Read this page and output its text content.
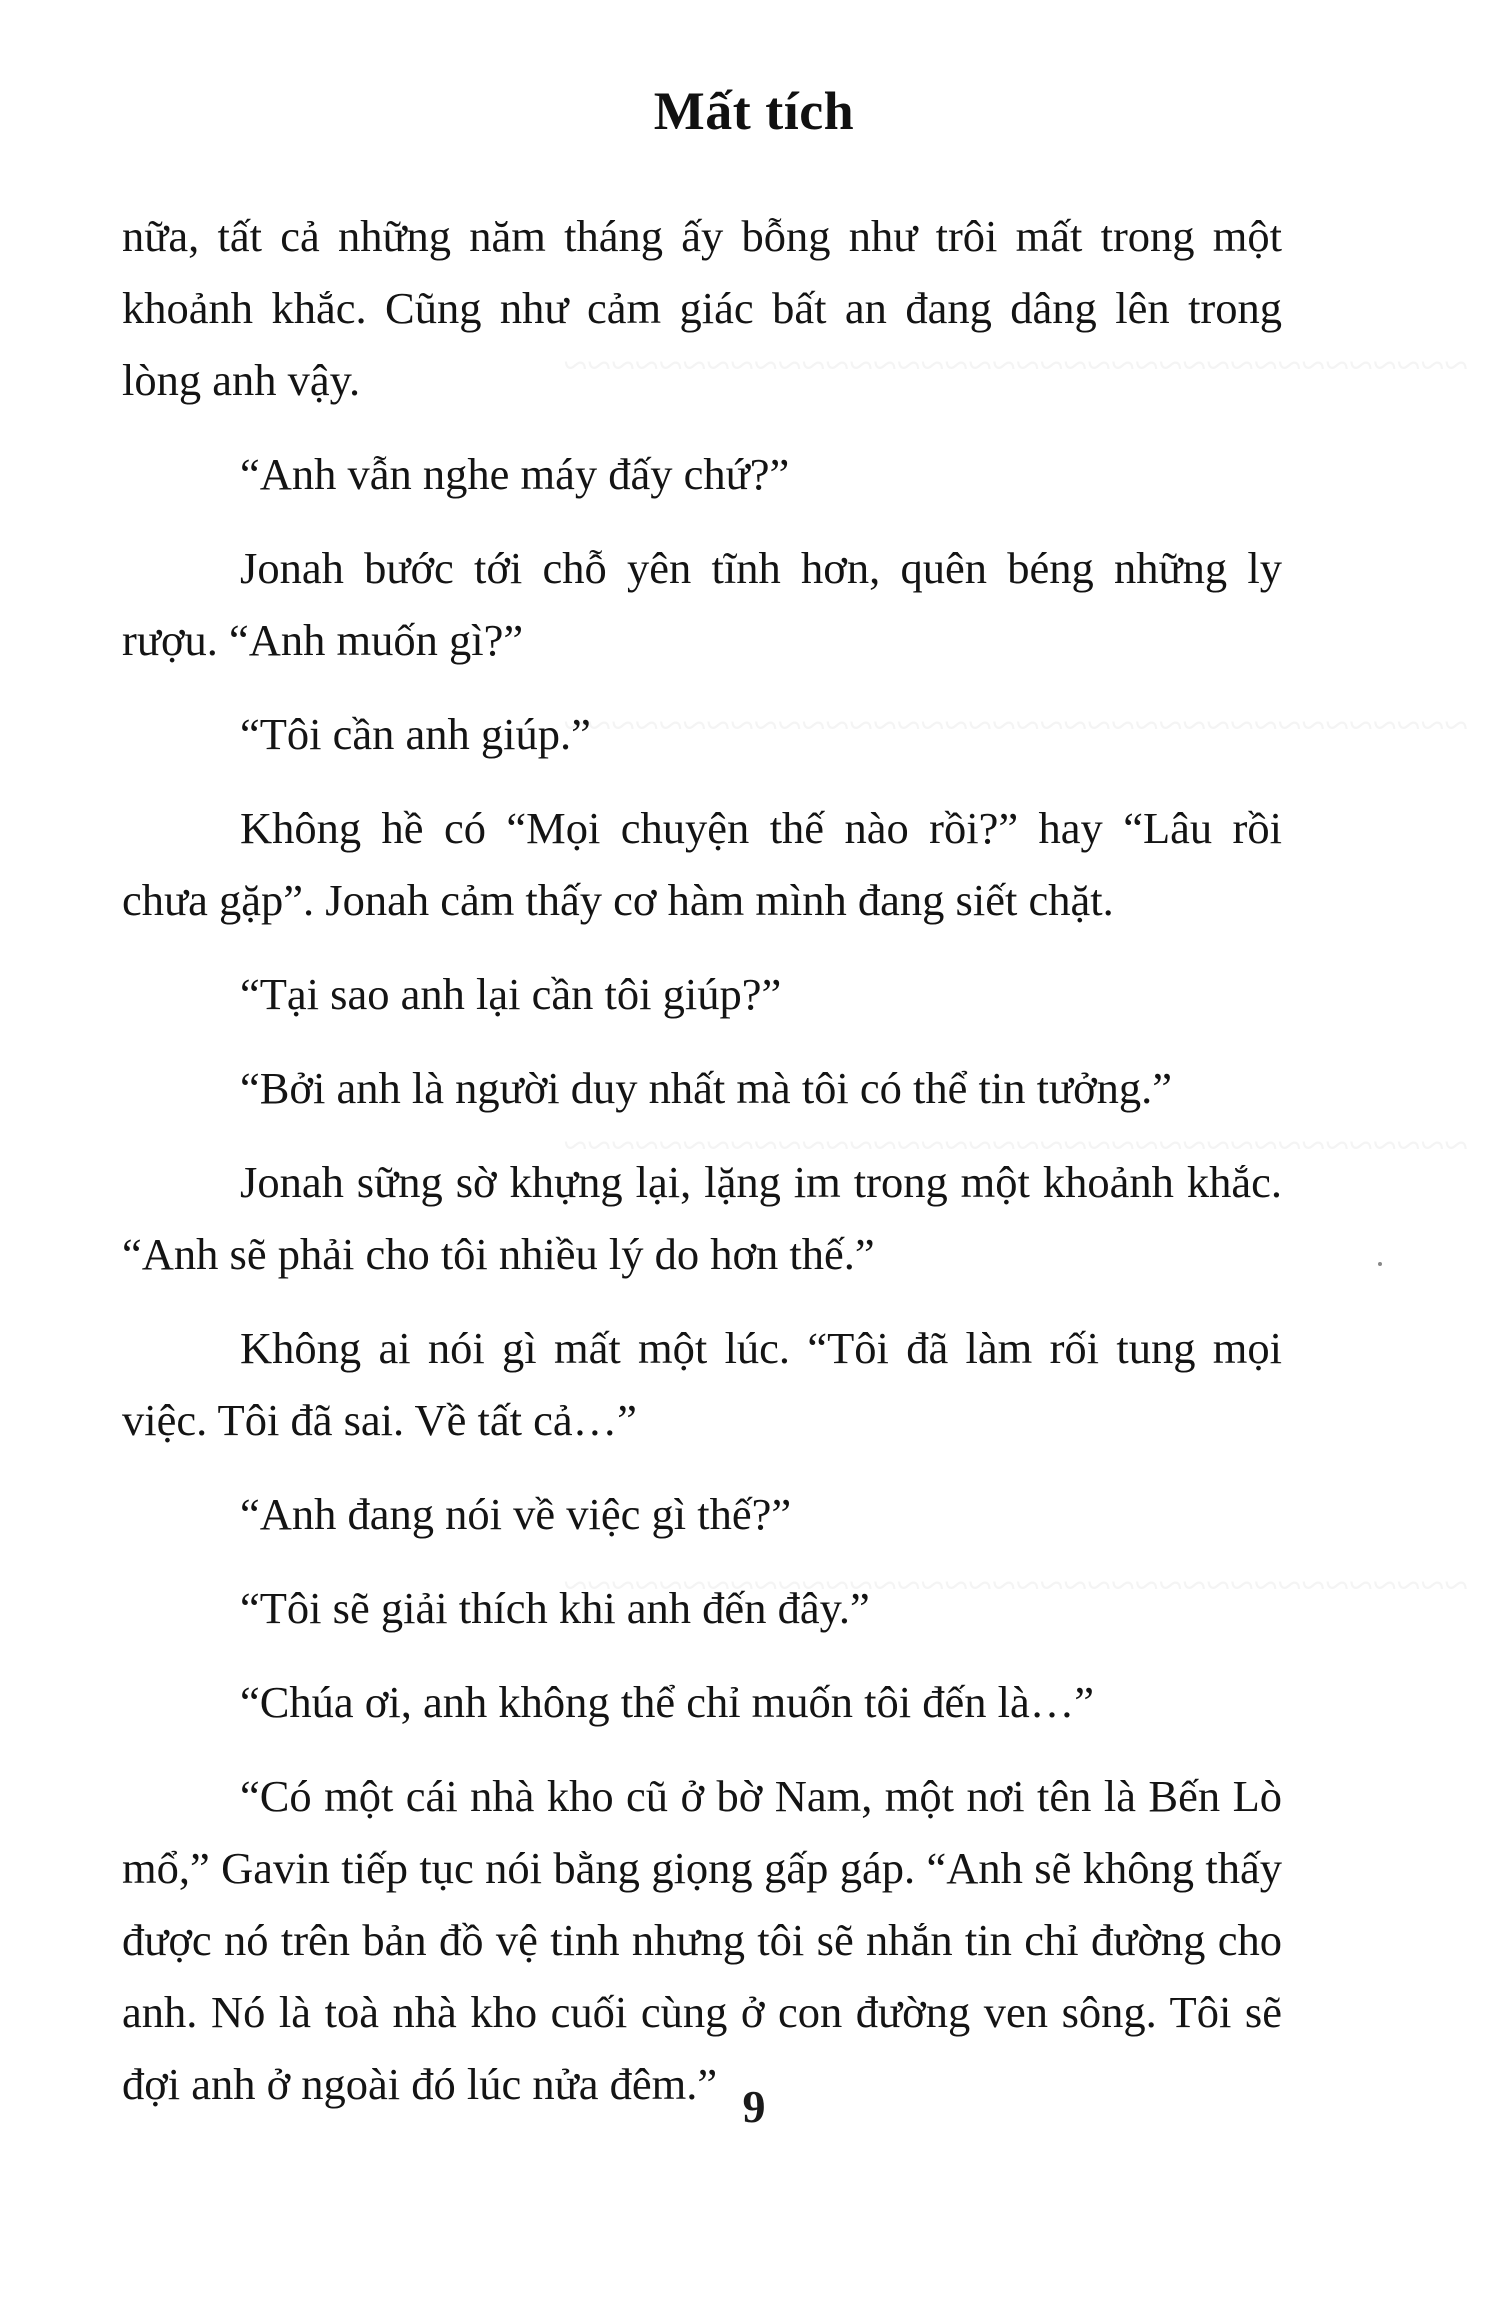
~~~~~~~~~~~~~~~~~~~~~~~~~~~~~~~~~~~~~~
~~~~~~~~~~~~~~~~~~~~~~~~~~~~~~~~~~~~~~
~~~~~~~~~~~~~~~~~~~~~~~~~~~~~~~~~~~~~~
~~~~~~~~~~~~~~~~~~~~~~~~~~~~~~~~~~~~~~
Mất tích

nữa, tất cả những năm tháng ấy bỗng như trôi mất trong một khoảnh khắc. Cũng như cảm giác bất an đang dâng lên trong lòng anh vậy.

“Anh vẫn nghe máy đấy chứ?”

Jonah bước tới chỗ yên tĩnh hơn, quên béng những ly rượu. “Anh muốn gì?”

“Tôi cần anh giúp.”

Không hề có “Mọi chuyện thế nào rồi?” hay “Lâu rồi chưa gặp”. Jonah cảm thấy cơ hàm mình đang siết chặt.

“Tại sao anh lại cần tôi giúp?”

“Bởi anh là người duy nhất mà tôi có thể tin tưởng.”

Jonah sững sờ khựng lại, lặng im trong một khoảnh khắc. “Anh sẽ phải cho tôi nhiều lý do hơn thế.”

Không ai nói gì mất một lúc. “Tôi đã làm rối tung mọi việc. Tôi đã sai. Về tất cả…”

“Anh đang nói về việc gì thế?”

“Tôi sẽ giải thích khi anh đến đây.”

“Chúa ơi, anh không thể chỉ muốn tôi đến là…”

“Có một cái nhà kho cũ ở bờ Nam, một nơi tên là Bến Lò mổ,” Gavin tiếp tục nói bằng giọng gấp gáp. “Anh sẽ không thấy được nó trên bản đồ vệ tinh nhưng tôi sẽ nhắn tin chỉ đường cho anh. Nó là toà nhà kho cuối cùng ở con đường ven sông. Tôi sẽ đợi anh ở ngoài đó lúc nửa đêm.” 9
